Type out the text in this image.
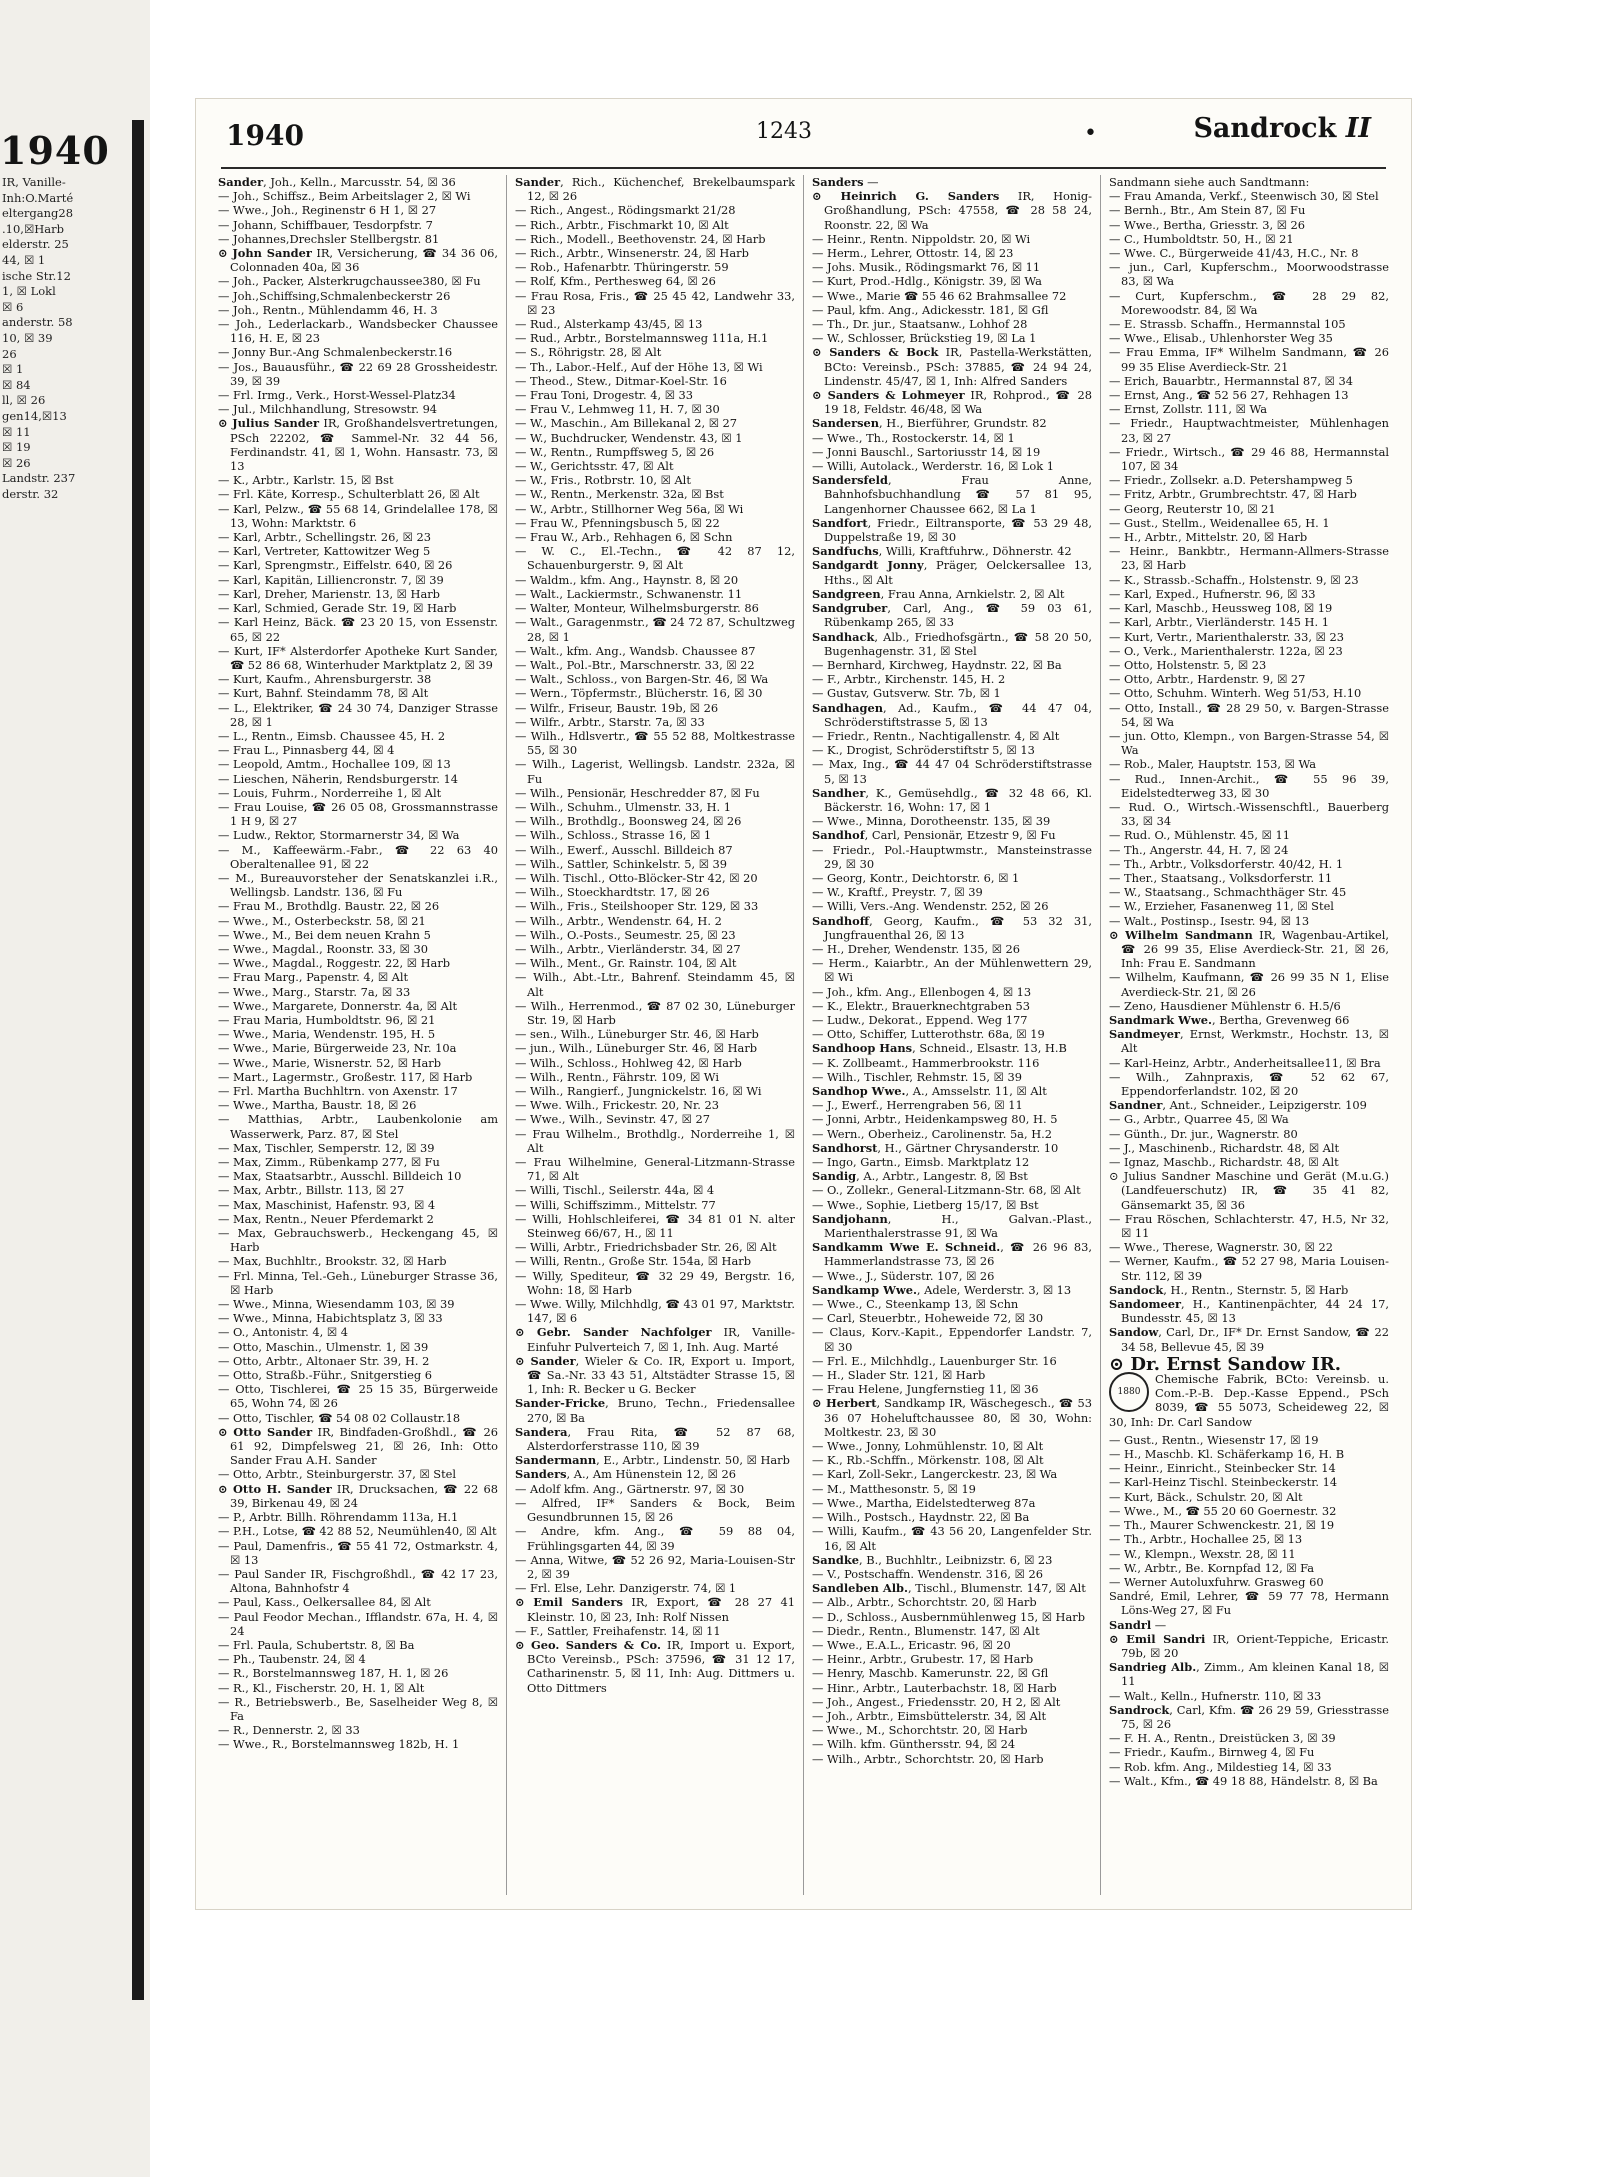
1940
IR, Vanille-
Inh:O.Marté
eltergang28
.10,☒Harb
elderstr. 25
44, ☒ 1
ische Str.12
1, ☒ Lokl
☒ 6
anderstr. 58
10, ☒ 39
26
☒ 1
☒ 84
ll, ☒ 26
gen14,☒13
☒ 11
☒ 19
☒ 26
Landstr. 237
derstr. 32
1940	1243	•	Sandrock II
Sander, Joh., Kelln., Marcusstr. 54, ☒ 36
— Joh., Schiffsz., Beim Arbeitslager 2, ☒ Wi
— Wwe., Joh., Reginenstr 6 H 1, ☒ 27
— Johann, Schiffbauer, Tesdorpfstr. 7
— Johannes,Drechsler Stellbergstr. 81
⊙ John Sander IR, Versicherung, ☎ 34 36 06, Colonnaden 40a, ☒ 36
— Joh., Packer, Alsterkrugchaussee380, ☒ Fu
— Joh.,Schiffsing,Schmalenbeckerstr 26
— Joh., Rentn., Mühlendamm 46, H. 3
— Joh., Lederlackarb., Wandsbecker Chaussee 116, H. E, ☒ 23
— Jonny Bur.-Ang Schmalenbeckerstr.16
— Jos., Bauausführ., ☎ 22 69 28 Grossheidestr. 39, ☒ 39
— Frl. Irmg., Verk., Horst-Wessel-Platz34
— Jul., Milchhandlung, Stresowstr. 94
⊙ Julius Sander IR, Großhandelsvertretungen, PSch 22202, ☎ Sammel-Nr. 32 44 56, Ferdinandstr. 41, ☒ 1, Wohn. Hansastr. 73, ☒ 13
— K., Arbtr., Karlstr. 15, ☒ Bst
— Frl. Käte, Korresp., Schulterblatt 26, ☒ Alt
— Karl, Pelzw., ☎ 55 68 14, Grindelallee 178, ☒ 13, Wohn: Marktstr. 6
— Karl, Arbtr., Schellingstr. 26, ☒ 23
— Karl, Vertreter, Kattowitzer Weg 5
— Karl, Sprengmstr., Eiffelstr. 640, ☒ 26
— Karl, Kapitän, Lilliencronstr. 7, ☒ 39
— Karl, Dreher, Marienstr. 13, ☒ Harb
— Karl, Schmied, Gerade Str. 19, ☒ Harb
— Karl Heinz, Bäck. ☎ 23 20 15, von Essenstr. 65, ☒ 22
— Kurt, IF* Alsterdorfer Apotheke Kurt Sander, ☎ 52 86 68, Winterhuder Marktplatz 2, ☒ 39
— Kurt, Kaufm., Ahrensburgerstr. 38
— Kurt, Bahnf. Steindamm 78, ☒ Alt
— L., Elektriker, ☎ 24 30 74, Danziger Strasse 28, ☒ 1
— L., Rentn., Eimsb. Chaussee 45, H. 2
— Frau L., Pinnasberg 44, ☒ 4
— Leopold, Amtm., Hochallee 109, ☒ 13
— Lieschen, Näherin, Rendsburgerstr. 14
— Louis, Fuhrm., Norderreihe 1, ☒ Alt
— Frau Louise, ☎ 26 05 08, Grossmannstrasse 1 H 9, ☒ 27
— Ludw., Rektor, Stormarnerstr 34, ☒ Wa
— M., Kaffeewärm.-Fabr., ☎ 22 63 40 Oberaltenallee 91, ☒ 22
— M., Bureauvorsteher der Senatskanzlei i.R., Wellingsb. Landstr. 136, ☒ Fu
— Frau M., Brothdlg. Baustr. 22, ☒ 26
— Wwe., M., Osterbeckstr. 58, ☒ 21
— Wwe., M., Bei dem neuen Krahn 5
— Wwe., Magdal., Roonstr. 33, ☒ 30
— Wwe., Magdal., Roggestr. 22, ☒ Harb
— Frau Marg., Papenstr. 4, ☒ Alt
— Wwe., Marg., Starstr. 7a, ☒ 33
— Wwe., Margarete, Donnerstr. 4a, ☒ Alt
— Frau Maria, Humboldtstr. 96, ☒ 21
— Wwe., Maria, Wendenstr. 195, H. 5
— Wwe., Marie, Bürgerweide 23, Nr. 10a
— Wwe., Marie, Wisnerstr. 52, ☒ Harb
— Mart., Lagermstr., Großestr. 117, ☒ Harb
— Frl. Martha Buchhltrn. von Axenstr. 17
— Wwe., Martha, Baustr. 18, ☒ 26
— Matthias, Arbtr., Laubenkolonie am Wasserwerk, Parz. 87, ☒ Stel
— Max, Tischler, Semperstr. 12, ☒ 39
— Max, Zimm., Rübenkamp 277, ☒ Fu
— Max, Staatsarbtr., Ausschl. Billdeich 10
— Max, Arbtr., Billstr. 113, ☒ 27
— Max, Maschinist, Hafenstr. 93, ☒ 4
— Max, Rentn., Neuer Pferdemarkt 2
— Max, Gebrauchswerb., Heckengang 45, ☒ Harb
— Max, Buchhltr., Brookstr. 32, ☒ Harb
— Frl. Minna, Tel.-Geh., Lüneburger Strasse 36, ☒ Harb
— Wwe., Minna, Wiesendamm 103, ☒ 39
— Wwe., Minna, Habichtsplatz 3, ☒ 33
— O., Antonistr. 4, ☒ 4
— Otto, Maschin., Ulmenstr. 1, ☒ 39
— Otto, Arbtr., Altonaer Str. 39, H. 2
— Otto, Straßb.-Führ., Snitgerstieg 6
— Otto, Tischlerei, ☎ 25 15 35, Bürgerweide 65, Wohn 74, ☒ 26
— Otto, Tischler, ☎ 54 08 02 Collaustr.18
⊙ Otto Sander IR, Bindfaden-Großhdl., ☎ 26 61 92, Dimpfelsweg 21, ☒ 26, Inh: Otto Sander Frau A.H. Sander
— Otto, Arbtr., Steinburgerstr. 37, ☒ Stel
⊙ Otto H. Sander IR, Drucksachen, ☎ 22 68 39, Birkenau 49, ☒ 24
— P., Arbtr. Billh. Röhrendamm 113a, H.1
— P.H., Lotse, ☎ 42 88 52, Neumühlen40, ☒ Alt
— Paul, Damenfris., ☎ 55 41 72, Ostmarkstr. 4, ☒ 13
— Paul Sander IR, Fischgroßhdl., ☎ 42 17 23, Altona, Bahnhofstr 4
— Paul, Kass., Oelkersallee 84, ☒ Alt
— Paul Feodor Mechan., Ifflandstr. 67a, H. 4, ☒ 24
— Frl. Paula, Schubertstr. 8, ☒ Ba
— Ph., Taubenstr. 24, ☒ 4
— R., Borstelmannsweg 187, H. 1, ☒ 26
— R., Kl., Fischerstr. 20, H. 1, ☒ Alt
— R., Betriebswerb., Be, Saselheider Weg 8, ☒ Fa
— R., Dennerstr. 2, ☒ 33
— Wwe., R., Borstelmannsweg 182b, H. 1
Sander, Rich., Küchenchef, Brekelbaumspark 12, ☒ 26
— Rich., Angest., Rödingsmarkt 21/28
— Rich., Arbtr., Fischmarkt 10, ☒ Alt
— Rich., Modell., Beethovenstr. 24, ☒ Harb
— Rich., Arbtr., Winsenerstr. 24, ☒ Harb
— Rob., Hafenarbtr. Thüringerstr. 59
— Rolf, Kfm., Perthesweg 64, ☒ 26
— Frau Rosa, Fris., ☎ 25 45 42, Landwehr 33, ☒ 23
— Rud., Alsterkamp 43/45, ☒ 13
— Rud., Arbtr., Borstelmannsweg 111a, H.1
— S., Röhrigstr. 28, ☒ Alt
— Th., Labor.-Helf., Auf der Höhe 13, ☒ Wi
— Theod., Stew., Ditmar-Koel-Str. 16
— Frau Toni, Drogestr. 4, ☒ 33
— Frau V., Lehmweg 11, H. 7, ☒ 30
— W., Maschin., Am Billekanal 2, ☒ 27
— W., Buchdrucker, Wendenstr. 43, ☒ 1
— W., Rentn., Rumpffsweg 5, ☒ 26
— W., Gerichtsstr. 47, ☒ Alt
— W., Fris., Rotbrstr. 10, ☒ Alt
— W., Rentn., Merkenstr. 32a, ☒ Bst
— W., Arbtr., Stillhorner Weg 56a, ☒ Wi
— Frau W., Pfenningsbusch 5, ☒ 22
— Frau W., Arb., Rehhagen 6, ☒ Schn
— W. C., El.-Techn., ☎ 42 87 12, Schauenburgerstr. 9, ☒ Alt
— Waldm., kfm. Ang., Haynstr. 8, ☒ 20
— Walt., Lackiermstr., Schwanenstr. 11
— Walter, Monteur, Wilhelmsburgerstr. 86
— Walt., Garagenmstr., ☎ 24 72 87, Schultzweg 28, ☒ 1
— Walt., kfm. Ang., Wandsb. Chaussee 87
— Walt., Pol.-Btr., Marschnerstr. 33, ☒ 22
— Walt., Schloss., von Bargen-Str. 46, ☒ Wa
— Wern., Töpfermstr., Blücherstr. 16, ☒ 30
— Wilfr., Friseur, Baustr. 19b, ☒ 26
— Wilfr., Arbtr., Starstr. 7a, ☒ 33
— Wilh., Hdlsvertr., ☎ 55 52 88, Moltkestrasse 55, ☒ 30
— Wilh., Lagerist, Wellingsb. Landstr. 232a, ☒ Fu
— Wilh., Pensionär, Heschredder 87, ☒ Fu
— Wilh., Schuhm., Ulmenstr. 33, H. 1
— Wilh., Brothdlg., Boonsweg 24, ☒ 26
— Wilh., Schloss., Strasse 16, ☒ 1
— Wilh., Ewerf., Ausschl. Billdeich 87
— Wilh., Sattler, Schinkelstr. 5, ☒ 39
— Wilh. Tischl., Otto-Blöcker-Str 42, ☒ 20
— Wilh., Stoeckhardtstr. 17, ☒ 26
— Wilh., Fris., Steilshooper Str. 129, ☒ 33
— Wilh., Arbtr., Wendenstr. 64, H. 2
— Wilh., O.-Posts., Seumestr. 25, ☒ 23
— Wilh., Arbtr., Vierländerstr. 34, ☒ 27
— Wilh., Ment., Gr. Rainstr. 104, ☒ Alt
— Wilh., Abt.-Ltr., Bahrenf. Steindamm 45, ☒ Alt
— Wilh., Herrenmod., ☎ 87 02 30, Lüneburger Str. 19, ☒ Harb
— sen., Wilh., Lüneburger Str. 46, ☒ Harb
— jun., Wilh., Lüneburger Str. 46, ☒ Harb
— Wilh., Schloss., Hohlweg 42, ☒ Harb
— Wilh., Rentn., Fährstr. 109, ☒ Wi
— Wilh., Rangierf., Jungnickelstr. 16, ☒ Wi
— Wwe. Wilh., Frickestr. 20, Nr. 23
— Wwe., Wilh., Sevinstr. 47, ☒ 27
— Frau Wilhelm., Brothdlg., Norderreihe 1, ☒ Alt
— Frau Wilhelmine, General-Litzmann-Strasse 71, ☒ Alt
— Willi, Tischl., Seilerstr. 44a, ☒ 4
— Willi, Schiffszimm., Mittelstr. 77
— Willi, Hohlschleiferei, ☎ 34 81 01 N. alter Steinweg 66/67, H., ☒ 11
— Willi, Arbtr., Friedrichsbader Str. 26, ☒ Alt
— Willi, Rentn., Große Str. 154a, ☒ Harb
— Willy, Spediteur, ☎ 32 29 49, Bergstr. 16, Wohn: 18, ☒ Harb
— Wwe. Willy, Milchhdlg, ☎ 43 01 97, Marktstr. 147, ☒ 6
⊙ Gebr. Sander Nachfolger IR, Vanille-Einfuhr Pulverteich 7, ☒ 1, Inh. Aug. Marté
⊙ Sander, Wieler & Co. IR, Export u. Import, ☎ Sa.-Nr. 33 43 51, Altstädter Strasse 15, ☒ 1, Inh: R. Becker u G. Becker
Sander-Fricke, Bruno, Techn., Friedensallee 270, ☒ Ba
Sandera, Frau Rita, ☎ 52 87 68, Alsterdorferstrasse 110, ☒ 39
Sandermann, E., Arbtr., Lindenstr. 50, ☒ Harb
Sanders, A., Am Hünenstein 12, ☒ 26
— Adolf kfm. Ang., Gärtnerstr. 97, ☒ 30
— Alfred, IF* Sanders & Bock, Beim Gesundbrunnen 15, ☒ 26
— Andre, kfm. Ang., ☎ 59 88 04, Frühlingsgarten 44, ☒ 39
— Anna, Witwe, ☎ 52 26 92, Maria-Louisen-Str 2, ☒ 39
— Frl. Else, Lehr. Danzigerstr. 74, ☒ 1
⊙ Emil Sanders IR, Export, ☎ 28 27 41 Kleinstr. 10, ☒ 23, Inh: Rolf Nissen
— F., Sattler, Freihafenstr. 14, ☒ 11
⊙ Geo. Sanders & Co. IR, Import u. Export, BCto Vereinsb., PSch: 37596, ☎ 31 12 17, Catharinenstr. 5, ☒ 11, Inh: Aug. Dittmers u. Otto Dittmers
Sanders —
⊙ Heinrich G. Sanders IR, Honig-Großhandlung, PSch: 47558, ☎ 28 58 24, Roonstr. 22, ☒ Wa
— Heinr., Rentn. Nippoldstr. 20, ☒ Wi
— Herm., Lehrer, Ottostr. 14, ☒ 23
— Johs. Musik., Rödingsmarkt 76, ☒ 11
— Kurt, Prod.-Hdlg., Königstr. 39, ☒ Wa
— Wwe., Marie ☎ 55 46 62 Brahmsallee 72
— Paul, kfm. Ang., Adickesstr. 181, ☒ Gfl
— Th., Dr. jur., Staatsanw., Lohhof 28
— W., Schlosser, Brückstieg 19, ☒ La 1
⊙ Sanders & Bock IR, Pastella-Werkstätten, BCto: Vereinsb., PSch: 37885, ☎ 24 94 24, Lindenstr. 45/47, ☒ 1, Inh: Alfred Sanders
⊙ Sanders & Lohmeyer IR, Rohprod., ☎ 28 19 18, Feldstr. 46/48, ☒ Wa
Sandersen, H., Bierführer, Grundstr. 82
— Wwe., Th., Rostockerstr. 14, ☒ 1
— Jonni Bauschl., Sartoriusstr 14, ☒ 19
— Willi, Autolack., Werderstr. 16, ☒ Lok 1
Sandersfeld, Frau Anne, Bahnhofsbuchhandlung ☎ 57 81 95, Langenhorner Chaussee 662, ☒ La 1
Sandfort, Friedr., Eiltransporte, ☎ 53 29 48, Duppelstraße 19, ☒ 30
Sandfuchs, Willi, Kraftfuhrw., Döhnerstr. 42
Sandgardt Jonny, Präger, Oelckersallee 13, Hths., ☒ Alt
Sandgreen, Frau Anna, Arnkielstr. 2, ☒ Alt
Sandgruber, Carl, Ang., ☎ 59 03 61, Rübenkamp 265, ☒ 33
Sandhack, Alb., Friedhofsgärtn., ☎ 58 20 50, Bugenhagenstr. 31, ☒ Stel
— Bernhard, Kirchweg, Haydnstr. 22, ☒ Ba
— F., Arbtr., Kirchenstr. 145, H. 2
— Gustav, Gutsverw. Str. 7b, ☒ 1
Sandhagen, Ad., Kaufm., ☎ 44 47 04, Schröderstiftstrasse 5, ☒ 13
— Friedr., Rentn., Nachtigallenstr. 4, ☒ Alt
— K., Drogist, Schröderstiftstr 5, ☒ 13
— Max, Ing., ☎ 44 47 04 Schröderstiftstrasse 5, ☒ 13
Sandher, K., Gemüsehdlg., ☎ 32 48 66, Kl. Bäckerstr. 16, Wohn: 17, ☒ 1
— Wwe., Minna, Dorotheenstr. 135, ☒ 39
Sandhof, Carl, Pensionär, Etzestr 9, ☒ Fu
— Friedr., Pol.-Hauptwmstr., Mansteinstrasse 29, ☒ 30
— Georg, Kontr., Deichtorstr. 6, ☒ 1
— W., Kraftf., Preystr. 7, ☒ 39
— Willi, Vers.-Ang. Wendenstr. 252, ☒ 26
Sandhoff, Georg, Kaufm., ☎ 53 32 31, Jungfrauenthal 26, ☒ 13
— H., Dreher, Wendenstr. 135, ☒ 26
— Herm., Kaiarbtr., An der Mühlenwettern 29, ☒ Wi
— Joh., kfm. Ang., Ellenbogen 4, ☒ 13
— K., Elektr., Brauerknechtgraben 53
— Ludw., Dekorat., Eppend. Weg 177
— Otto, Schiffer, Lutterothstr. 68a, ☒ 19
Sandhoop Hans, Schneid., Elsastr. 13, H.B
— K. Zollbeamt., Hammerbrookstr. 116
— Wilh., Tischler, Rehmstr. 15, ☒ 39
Sandhop Wwe., A., Amsselstr. 11, ☒ Alt
— J., Ewerf., Herrengraben 56, ☒ 11
— Jonni, Arbtr., Heidenkampsweg 80, H. 5
— Wern., Oberheiz., Carolinenstr. 5a, H.2
Sandhorst, H., Gärtner Chrysanderstr. 10
— Ingo, Gartn., Eimsb. Marktplatz 12
Sandig, A., Arbtr., Langestr. 8, ☒ Bst
— O., Zollekr., General-Litzmann-Str. 68, ☒ Alt
— Wwe., Sophie, Lietberg 15/17, ☒ Bst
Sandjohann, H., Galvan.-Plast., Marienthalerstrasse 91, ☒ Wa
Sandkamm Wwe E. Schneid., ☎ 26 96 83, Hammerlandstrasse 73, ☒ 26
— Wwe., J., Süderstr. 107, ☒ 26
Sandkamp Wwe., Adele, Werderstr. 3, ☒ 13
— Wwe., C., Steenkamp 13, ☒ Schn
— Carl, Steuerbtr., Hoheweide 72, ☒ 30
— Claus, Korv.-Kapit., Eppendorfer Landstr. 7, ☒ 30
— Frl. E., Milchhdlg., Lauenburger Str. 16
— H., Slader Str. 121, ☒ Harb
— Frau Helene, Jungfernstieg 11, ☒ 36
⊙ Herbert, Sandkamp IR, Wäschegesch., ☎ 53 36 07 Hoheluftchaussee 80, ☒ 30, Wohn: Moltkestr. 23, ☒ 30
— Wwe., Jonny, Lohmühlenstr. 10, ☒ Alt
— K., Rb.-Schffn., Mörkenstr. 108, ☒ Alt
— Karl, Zoll-Sekr., Langerckestr. 23, ☒ Wa
— M., Matthesonstr. 5, ☒ 19
— Wwe., Martha, Eidelstedterweg 87a
— Wilh., Postsch., Haydnstr. 22, ☒ Ba
— Willi, Kaufm., ☎ 43 56 20, Langenfelder Str. 16, ☒ Alt
Sandke, B., Buchhltr., Leibnizstr. 6, ☒ 23
— V., Postschaffn. Wendenstr. 316, ☒ 26
Sandleben Alb., Tischl., Blumenstr. 147, ☒ Alt
— Alb., Arbtr., Schorchtstr. 20, ☒ Harb
— D., Schloss., Ausbernmühlenweg 15, ☒ Harb
— Diedr., Rentn., Blumenstr. 147, ☒ Alt
— Wwe., E.A.L., Ericastr. 96, ☒ 20
— Heinr., Arbtr., Grubestr. 17, ☒ Harb
— Henry, Maschb. Kamerunstr. 22, ☒ Gfl
— Hinr., Arbtr., Lauterbachstr. 18, ☒ Harb
— Joh., Angest., Friedensstr. 20, H 2, ☒ Alt
— Joh., Arbtr., Eimsbüttelerstr. 34, ☒ Alt
— Wwe., M., Schorchtstr. 20, ☒ Harb
— Wilh. kfm. Günthersstr. 94, ☒ 24
— Wilh., Arbtr., Schorchtstr. 20, ☒ Harb
Sandmann siehe auch Sandtmann:
— Frau Amanda, Verkf., Steenwisch 30, ☒ Stel
— Bernh., Btr., Am Stein 87, ☒ Fu
— Wwe., Bertha, Griesstr. 3, ☒ 26
— C., Humboldtstr. 50, H., ☒ 21
— Wwe. C., Bürgerweide 41/43, H.C., Nr. 8
— jun., Carl, Kupferschm., Moorwoodstrasse 83, ☒ Wa
— Curt, Kupferschm., ☎ 28 29 82, Morewoodstr. 84, ☒ Wa
— E. Strassb. Schaffn., Hermannstal 105
— Wwe., Elisab., Uhlenhorster Weg 35
— Frau Emma, IF* Wilhelm Sandmann, ☎ 26 99 35 Elise Averdieck-Str. 21
— Erich, Bauarbtr., Hermannstal 87, ☒ 34
— Ernst, Ang., ☎ 52 56 27, Rehhagen 13
— Ernst, Zollstr. 111, ☒ Wa
— Friedr., Hauptwachtmeister, Mühlenhagen 23, ☒ 27
— Friedr., Wirtsch., ☎ 29 46 88, Hermannstal 107, ☒ 34
— Friedr., Zollsekr. a.D. Petershampweg 5
— Fritz, Arbtr., Grumbrechtstr. 47, ☒ Harb
— Georg, Reuterstr 10, ☒ 21
— Gust., Stellm., Weidenallee 65, H. 1
— H., Arbtr., Mittelstr. 20, ☒ Harb
— Heinr., Bankbtr., Hermann-Allmers-Strasse 23, ☒ Harb
— K., Strassb.-Schaffn., Holstenstr. 9, ☒ 23
— Karl, Exped., Hufnerstr. 96, ☒ 33
— Karl, Maschb., Heussweg 108, ☒ 19
— Karl, Arbtr., Vierländerstr. 145 H. 1
— Kurt, Vertr., Marienthalerstr. 33, ☒ 23
— O., Verk., Marienthalerstr. 122a, ☒ 23
— Otto, Holstenstr. 5, ☒ 23
— Otto, Arbtr., Hardenstr. 9, ☒ 27
— Otto, Schuhm. Winterh. Weg 51/53, H.10
— Otto, Install., ☎ 28 29 50, v. Bargen-Strasse 54, ☒ Wa
— jun. Otto, Klempn., von Bargen-Strasse 54, ☒ Wa
— Rob., Maler, Hauptstr. 153, ☒ Wa
— Rud., Innen-Archit., ☎ 55 96 39, Eidelstedterweg 33, ☒ 30
— Rud. O., Wirtsch.-Wissenschftl., Bauerberg 33, ☒ 34
— Rud. O., Mühlenstr. 45, ☒ 11
— Th., Angerstr. 44, H. 7, ☒ 24
— Th., Arbtr., Volksdorferstr. 40/42, H. 1
— Ther., Staatsang., Volksdorferstr. 11
— W., Staatsang., Schmachthäger Str. 45
— W., Erzieher, Fasanenweg 11, ☒ Stel
— Walt., Postinsp., Isestr. 94, ☒ 13
⊙ Wilhelm Sandmann IR, Wagenbau-Artikel, ☎ 26 99 35, Elise Averdieck-Str. 21, ☒ 26, Inh: Frau E. Sandmann
— Wilhelm, Kaufmann, ☎ 26 99 35 N 1, Elise Averdieck-Str. 21, ☒ 26
— Zeno, Hausdiener Mühlenstr 6. H.5/6
Sandmark Wwe., Bertha, Grevenweg 66
Sandmeyer, Ernst, Werkmstr., Hochstr. 13, ☒ Alt
— Karl-Heinz, Arbtr., Anderheitsallee11, ☒ Bra
— Wilh., Zahnpraxis, ☎ 52 62 67, Eppendorferlandstr. 102, ☒ 20
Sandner, Ant., Schneider., Leipzigerstr. 109
— G., Arbtr., Quarree 45, ☒ Wa
— Günth., Dr. jur., Wagnerstr. 80
— J., Maschinenb., Richardstr. 48, ☒ Alt
— Ignaz, Maschb., Richardstr. 48, ☒ Alt
⊙ Julius Sandner Maschine und Gerät (M.u.G.) (Landfeuerschutz) IR, ☎ 35 41 82, Gänsemarkt 35, ☒ 36
— Frau Röschen, Schlachterstr. 47, H.5, Nr 32, ☒ 11
— Wwe., Therese, Wagnerstr. 30, ☒ 22
— Werner, Kaufm., ☎ 52 27 98, Maria Louisen-Str. 112, ☒ 39
Sandock, H., Rentn., Sternstr. 5, ☒ Harb
Sandomeer, H., Kantinenpächter, 44 24 17, Bundesstr. 45, ☒ 13
Sandow, Carl, Dr., IF* Dr. Ernst Sandow, ☎ 22 34 58, Bellevue 45, ☒ 39
⊙ Dr. Ernst Sandow IR.
1880
Chemische Fabrik, BCto: Vereinsb. u. Com.-P.-B. Dep.-Kasse Eppend., PSch 8039, ☎ 55 5073, Scheideweg 22, ☒ 30, Inh: Dr. Carl Sandow
— Gust., Rentn., Wiesenstr 17, ☒ 19
— H., Maschb. Kl. Schäferkamp 16, H. B
— Heinr., Einricht., Steinbecker Str. 14
— Karl-Heinz Tischl. Steinbeckerstr. 14
— Kurt, Bäck., Schulstr. 20, ☒ Alt
— Wwe., M., ☎ 55 20 60 Goernestr. 32
— Th., Maurer Schwenckestr. 21, ☒ 19
— Th., Arbtr., Hochallee 25, ☒ 13
— W., Klempn., Wexstr. 28, ☒ 11
— W., Arbtr., Be. Kornpfad 12, ☒ Fa
— Werner Autoluxfuhrw. Grasweg 60
Sandré, Emil, Lehrer, ☎ 59 77 78, Hermann Löns-Weg 27, ☒ Fu
Sandrl —
⊙ Emil Sandri IR, Orient-Teppiche, Ericastr. 79b, ☒ 20
Sandrieg Alb., Zimm., Am kleinen Kanal 18, ☒ 11
— Walt., Kelln., Hufnerstr. 110, ☒ 33
Sandrock, Carl, Kfm. ☎ 26 29 59, Griesstrasse 75, ☒ 26
— F. H. A., Rentn., Dreistücken 3, ☒ 39
— Friedr., Kaufm., Birnweg 4, ☒ Fu
— Rob. kfm. Ang., Mildestieg 14, ☒ 33
— Walt., Kfm., ☎ 49 18 88, Händelstr. 8, ☒ Ba
